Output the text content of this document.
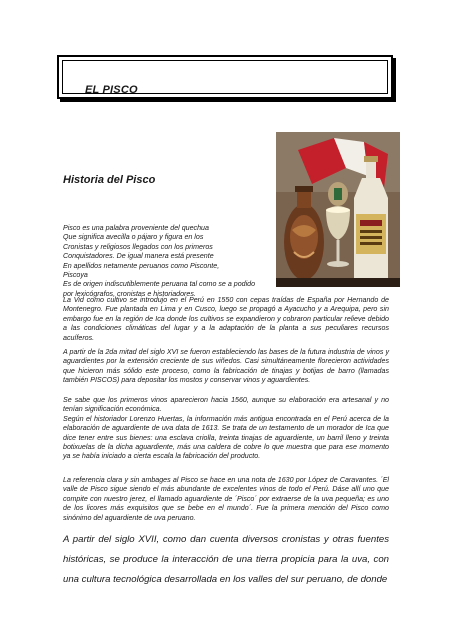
EL PISCO
Historia del Pisco
Pisco es una palabra proveniente del quechua
Que significa avecilla o pájaro y figura en los
Cronistas y religiosos llegados con los primeros
Conquistadores. De igual manera está presente
En apellidos netamente peruanos como Pisconte,
Piscoya
Es de origen indiscutiblemente peruana tal como se a podido
por lexicógrafos, cronistas e historiadores.

La Vid como cultivo se introdujo en el Perú en 1550 con cepas traídas de España por Hernando de Montenegro. Fue plantada en Lima y en Cusco, luego se propagó a Ayacucho y a Arequipa, pero sin embargo fue en la región de Ica donde los cultivos se expandieron y cobraron particular relieve debido a las condiciones climáticas del lugar y a la adaptación de la planta a sus peculiares recursos acuíferos.

A partir de la 2da mitad del siglo XVI se fueron estableciendo las bases de la futura industria de vinos y aguardientes por la extensión creciente de sus viñedos. Casi simultáneamente florecieron actividades que hicieron más sólido este proceso, como la fabricación de tinajas y botijas de barro (llamadas también PISCOS) para depositar los mostos y conservar vinos y aguardientes.

Se sabe que los primeros vinos aparecieron hacia 1560, aunque su elaboración era artesanal y no tenían significación económica.
Según el historiador Lorenzo Huertas, la información más antigua encontrada en el Perú acerca de la elaboración de aguardiente de uva data de 1613. Se trata de un testamento de un morador de Ica que dice tener entre sus bienes: una esclava criolla, treinta tinajas de aguardiente, un barril lleno y treinta botixuelas de la dicha aguardiente, más una caldera de cobre lo que muestra que para ese momento ya se había iniciado a cierta escala la fabricación del producto.

La referencia clara y sin ambages al Pisco se hace en una nota de 1630 por López de Caravantes. ´El valle de Pisco sigue siendo el más abundante de excelentes vinos de todo el Perú. Dáse allí uno que compite con nuestro jerez, el llamado aguardiente de ´Pisco´ por extraerse de la uva pequeña; es uno de los licores más exquisitos que se bebe en el mundo´. Fue la primera mención del Pisco como sinónimo del aguardiente de uva peruano.

A partir del siglo XVII, como dan cuenta diversos cronistas y otras fuentes históricas, se produce la interacción de una tierra propicia para la uva, con una cultura tecnológica desarrollada en los valles del sur peruano, de donde
